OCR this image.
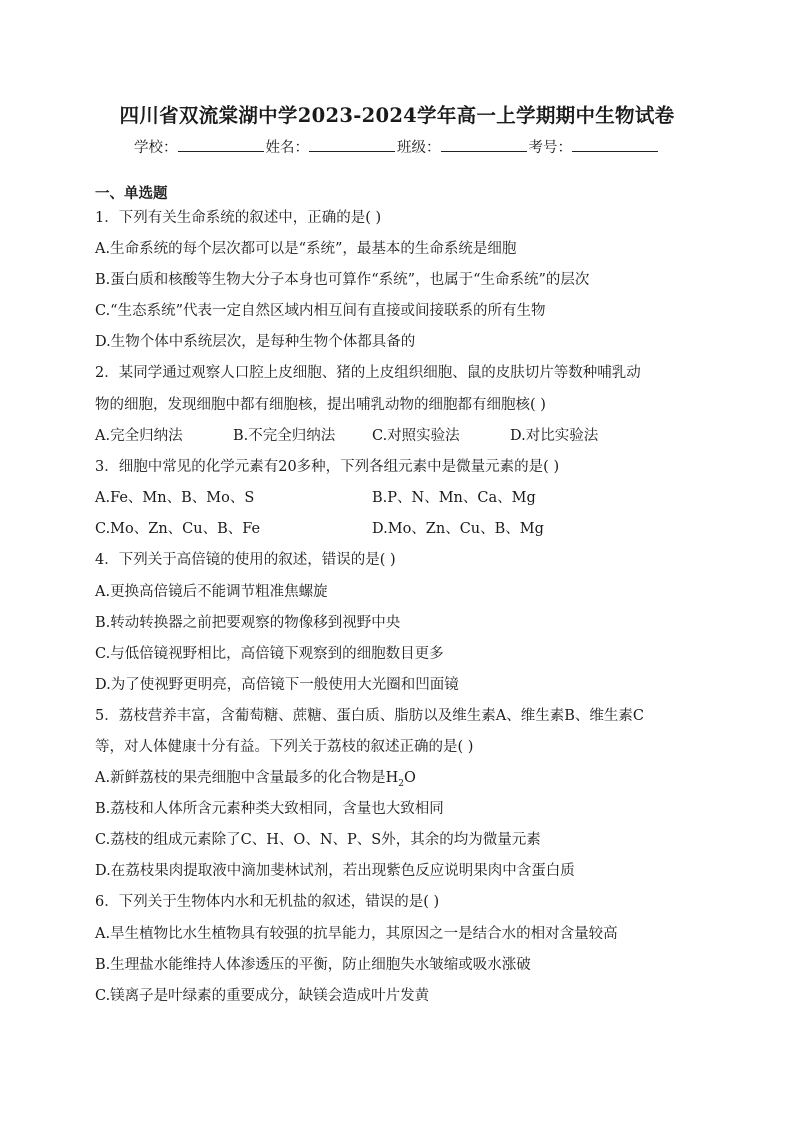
四川省双流棠湖中学2023-2024学年高一上学期期中生物试卷
学校：	姓名：	班级：	考号：
一、单选题
1．下列有关生命系统的叙述中，正确的是( )
A.生命系统的每个层次都可以是“系统”，最基本的生命系统是细胞
B.蛋白质和核酸等生物大分子本身也可算作“系统”，也属于“生命系统”的层次
C.“生态系统”代表一定自然区域内相互间有直接或间接联系的所有生物
D.生物个体中系统层次，是每种生物个体都具备的
2．某同学通过观察人口腔上皮细胞、猪的上皮组织细胞、鼠的皮肤切片等数种哺乳动
物的细胞，发现细胞中都有细胞核，提出哺乳动物的细胞都有细胞核( )
A.完全归纳法	B.不完全归纳法	C.对照实验法	D.对比实验法
3．细胞中常见的化学元素有20多种，下列各组元素中是微量元素的是( )
A.Fe、Mn、B、Mo、S	B.P、N、Mn、Ca、Mg
C.Mo、Zn、Cu、B、Fe	D.Mo、Zn、Cu、B、Mg
4．下列关于高倍镜的使用的叙述，错误的是( )
A.更换高倍镜后不能调节粗准焦螺旋
B.转动转换器之前把要观察的物像移到视野中央
C.与低倍镜视野相比，高倍镜下观察到的细胞数目更多
D.为了使视野更明亮，高倍镜下一般使用大光圈和凹面镜
5．荔枝营养丰富，含葡萄糖、蔗糖、蛋白质、脂肪以及维生素A、维生素B、维生素C
等，对人体健康十分有益。下列关于荔枝的叙述正确的是( )
A.新鲜荔枝的果壳细胞中含量最多的化合物是$H_2O$
B.荔枝和人体所含元素种类大致相同，含量也大致相同
C.荔枝的组成元素除了C、H、O、N、P、S外，其余的均为微量元素
D.在荔枝果肉提取液中滴加斐林试剂，若出现紫色反应说明果肉中含蛋白质
6．下列关于生物体内水和无机盐的叙述，错误的是( )
A.旱生植物比水生植物具有较强的抗旱能力，其原因之一是结合水的相对含量较高
B.生理盐水能维持人体渗透压的平衡，防止细胞失水皱缩或吸水涨破
C.镁离子是叶绿素的重要成分，缺镁会造成叶片发黄
